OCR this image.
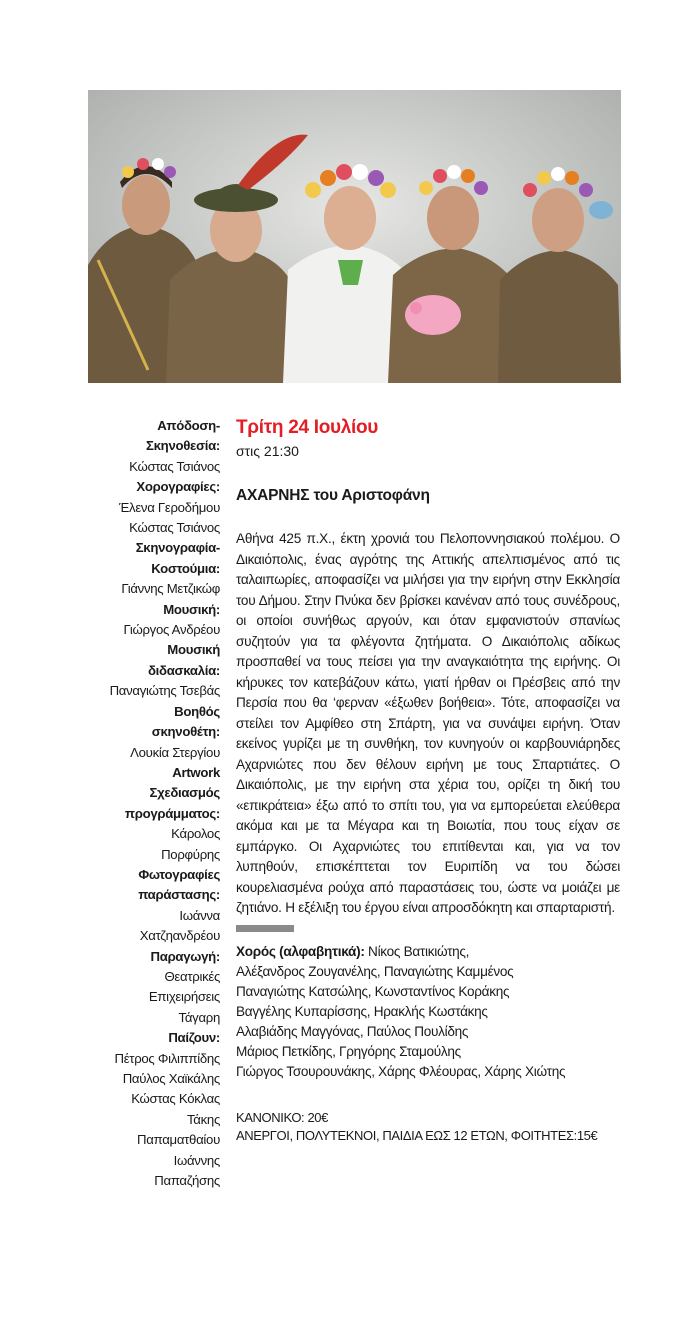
Απόδοση-
Σκηνοθεσία:
Κώστας Τσιάνος
Χορογραφίες:
Έλενα Γεροδήμου
Κώστας Τσιάνος
Σκηνογραφία-
Κοστούμια:
Γιάννης Μετζικώφ
Μουσική:
Γιώργος Ανδρέου
Μουσική
διδασκαλία:
Παναγιώτης Τσεβάς
Βοηθός
σκηνοθέτη:
Λουκία Στεργίου
Artwork
Σχεδιασμός
προγράμματος:
Κάρολος
Πορφύρης
Φωτογραφίες
παράστασης:
Ιωάννα
Χατζηανδρέου
Παραγωγή:
Θεατρικές
Επιχειρήσεις
Τάγαρη
Παίζουν:
Πέτρος Φιλιππίδης
Παύλος Χαϊκάλης
Κώστας Κόκλας
Τάκης
Παπαματθαίου
Ιωάννης
Παπαζήσης
Τρίτη 24 Ιουλίου
στις 21:30
ΑΧΑΡΝΗΣ του Αριστοφάνη
Αθήνα 425 π.Χ., έκτη χρονιά του Πελοποννησιακού πολέμου. Ο Δικαιόπολις, ένας αγρότης της Αττικής απελπισμένος από τις ταλαιπωρίες, αποφασίζει να μιλήσει για την ειρήνη στην Εκκλησία του Δήμου. Στην Πνύκα δεν βρίσκει κανέναν από τους συνέδρους, οι οποίοι συνήθως αργούν, και όταν εμφανιστούν σπανίως συζητούν για τα φλέγοντα ζητήματα. Ο Δικαιόπολις αδίκως προσπαθεί να τους πείσει για την αναγκαιότητα της ειρήνης. Οι κήρυκες τον κατεβάζουν κάτω, γιατί ήρθαν οι Πρέσβεις από την Περσία που θα ‘φερναν «έξωθεν βοήθεια». Τότε, αποφασίζει να στείλει τον Αμφίθεο στη Σπάρτη, για να συνάψει ειρήνη. Όταν εκείνος γυρίζει με τη συνθήκη, τον κυνηγούν οι καρβουνιάρηδες Αχαρνιώτες που δεν θέλουν ειρήνη με τους Σπαρτιάτες. Ο Δικαιόπολις, με την ειρήνη στα χέρια του, ορίζει τη δική του «επικράτεια» έξω από το σπίτι του, για να εμπορεύεται ελεύθερα ακόμα και με τα Μέγαρα και τη Βοιωτία, που τους είχαν σε εμπάργκο. Οι Αχαρνιώτες του επιτίθενται και, για να τον λυπηθούν, επισκέπτεται τον Ευριπίδη να του δώσει κουρελιασμένα ρούχα από παραστάσεις του, ώστε να μοιάζει με ζητιάνο. Η εξέλιξη του έργου είναι απροσδόκητη και σπαρταριστή.
Χορός (αλφαβητικά): Νίκος Βατικιώτης,
Αλέξανδρος Ζουγανέλης, Παναγιώτης Καμμένος
Παναγιώτης Κατσώλης, Κωνσταντίνος Κοράκης
Βαγγέλης Κυπαρίσσης, Ηρακλής Κωστάκης
Αλαβιάδης Μαγγόνας, Παύλος Πουλίδης
Μάριος Πετκίδης, Γρηγόρης Σταμούλης
Γιώργος Τσουρουνάκης, Χάρης Φλέουρας, Χάρης Χιώτης
ΚΑΝΟΝΙΚΟ: 20€
ΑΝΕΡΓΟΙ, ΠΟΛΥΤΕΚΝΟΙ, ΠΑΙΔΙΑ ΕΩΣ 12 ΕΤΩΝ, ΦΟΙΤΗΤΕΣ:15€
